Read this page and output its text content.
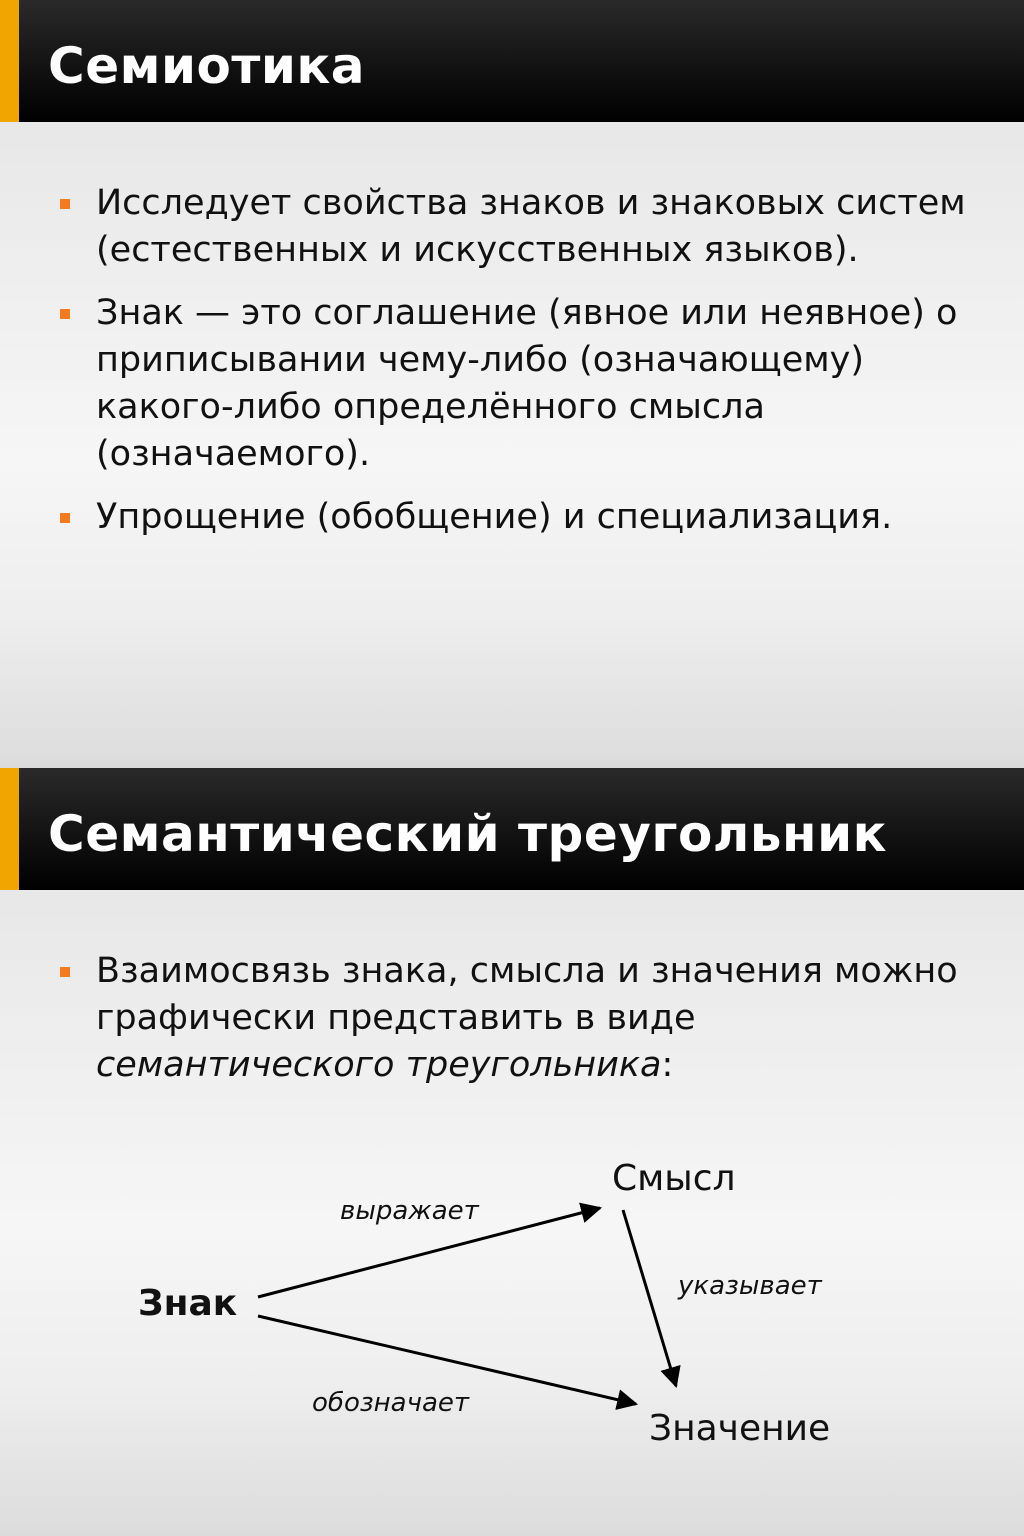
Семиотика
Исследует свойства знаков и знаковых систем (естественных и искусственных языков).
Знак — это соглашение (явное или неявное) о приписывании чему-либо (означающему) какого-либо определённого смысла (означаемого).
Упрощение (обобщение) и специализация.
Семантический треугольник
Взаимосвязь знака, смысла и значения можно графически представить в виде семантического треугольника:
Знак
Смысл
Значение
выражает
указывает
обозначает
